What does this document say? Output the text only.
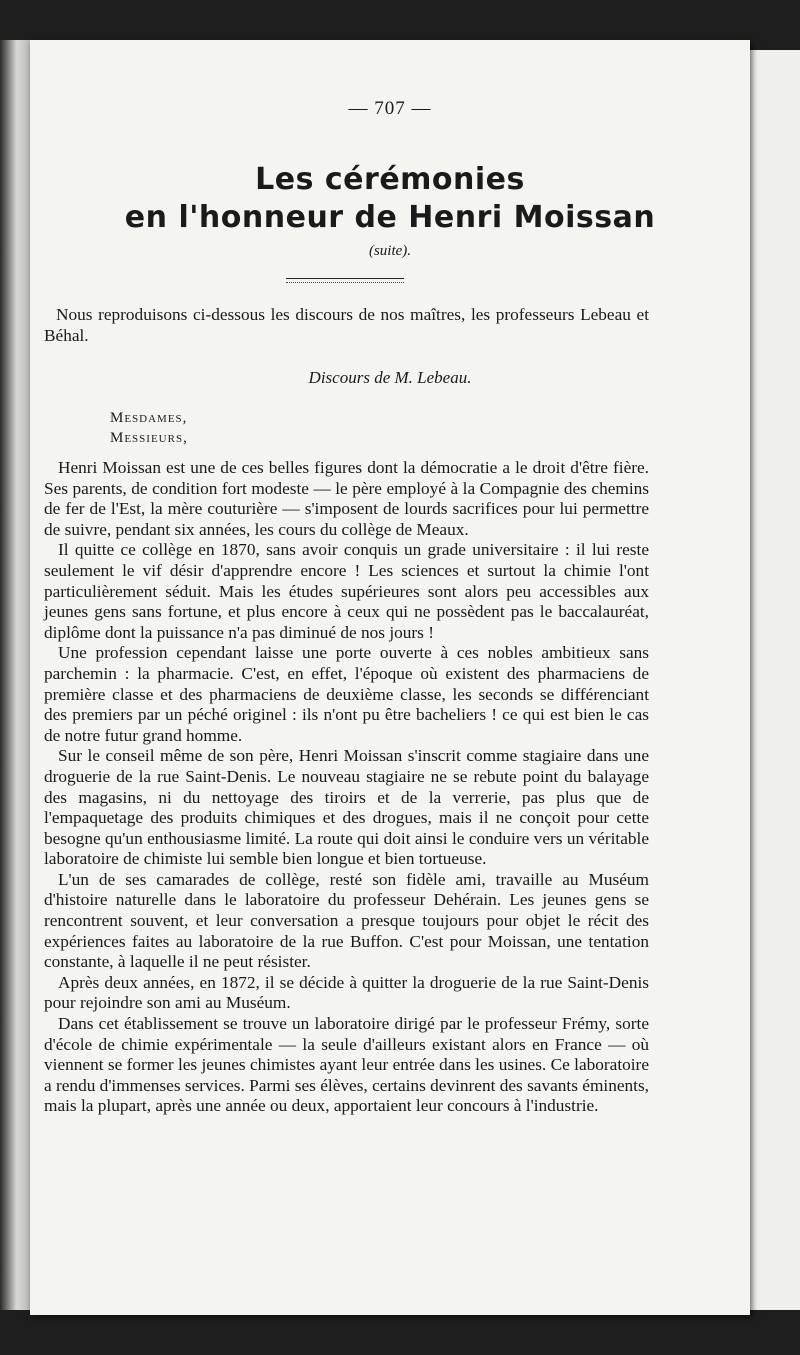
— 707 —
Les cérémonies
en l'honneur de Henri Moissan
(suite).
Nous reproduisons ci-dessous les discours de nos maîtres, les professeurs Lebeau et Béhal.
Discours de M. Lebeau.
Mesdames,
Messieurs,

Henri Moissan est une de ces belles figures dont la démocratie a le droit d'être fière. Ses parents, de condition fort modeste — le père employé à la Compagnie des chemins de fer de l'Est, la mère couturière — s'imposent de lourds sacrifices pour lui permettre de suivre, pendant six années, les cours du collège de Meaux.

Il quitte ce collège en 1870, sans avoir conquis un grade universitaire : il lui reste seulement le vif désir d'apprendre encore ! Les sciences et surtout la chimie l'ont particulièrement séduit. Mais les études supérieures sont alors peu accessibles aux jeunes gens sans fortune, et plus encore à ceux qui ne possèdent pas le baccalauréat, diplôme dont la puissance n'a pas diminué de nos jours !

Une profession cependant laisse une porte ouverte à ces nobles ambitieux sans parchemin : la pharmacie. C'est, en effet, l'époque où existent des pharmaciens de première classe et des pharmaciens de deuxième classe, les seconds se différenciant des premiers par un péché originel : ils n'ont pu être bacheliers ! ce qui est bien le cas de notre futur grand homme.

Sur le conseil même de son père, Henri Moissan s'inscrit comme stagiaire dans une droguerie de la rue Saint-Denis. Le nouveau stagiaire ne se rebute point du balayage des magasins, ni du nettoyage des tiroirs et de la verrerie, pas plus que de l'empaquetage des produits chimiques et des drogues, mais il ne conçoit pour cette besogne qu'un enthousiasme limité. La route qui doit ainsi le conduire vers un véritable laboratoire de chimiste lui semble bien longue et bien tortueuse.

L'un de ses camarades de collège, resté son fidèle ami, travaille au Muséum d'histoire naturelle dans le laboratoire du professeur Dehérain. Les jeunes gens se rencontrent souvent, et leur conversation a presque toujours pour objet le récit des expériences faites au laboratoire de la rue Buffon. C'est pour Moissan, une tentation constante, à laquelle il ne peut résister.

Après deux années, en 1872, il se décide à quitter la droguerie de la rue Saint-Denis pour rejoindre son ami au Muséum.

Dans cet établissement se trouve un laboratoire dirigé par le professeur Frémy, sorte d'école de chimie expérimentale — la seule d'ailleurs existant alors en France — où viennent se former les jeunes chimistes ayant leur entrée dans les usines. Ce laboratoire a rendu d'immenses services. Parmi ses élèves, certains devinrent des savants éminents, mais la plupart, après une année ou deux, apportaient leur concours à l'industrie.
